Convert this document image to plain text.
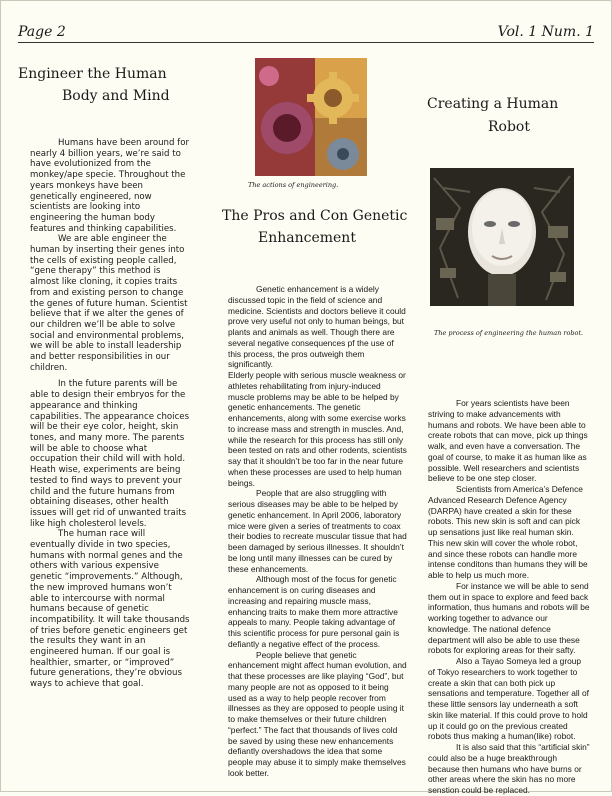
Page 2	Vol. 1 Num. 1
Engineer the Human
Body and Mind

Humans have been around for nearly 4 billion years, we’re said to have evolutionized from the monkey/ape specie. Throughout the years monkeys have been genetically engineered, now scientists are looking into engineering the human body features and thinking capabilities.

We are able engineer the human by inserting their genes into the cells of existing people called, “gene therapy” this method is almost like cloning, it copies traits from and existing person to change the genes of future human. Scientist believe that if we alter the genes of our children we’ll be able to solve social and environmental problems, we will be able to install leadership and better responsibilities in our children.

In the future parents will be able to design their embryos for the appearance and thinking capabilities. The appearance choices will be their eye color, height, skin tones, and many more. The parents will be able to choose what occupation their child will with hold. Heath wise, experiments are being tested to find ways to prevent your child and the future humans from obtaining diseases, other health issues will get rid of unwanted traits like high cholesterol levels.

The human race will eventually divide in two species, humans with normal genes and the others with various expensive genetic “improvements.” Although, the new improved humans won’t able to intercourse with normal humans because of genetic incompatibility. It will take thousands of tries before genetic engineers get the results they want in an engineered human. If our goal is healthier, smarter, or “improved” future generations, they’re obvious ways to achieve that goal.

The actions of engineering.
The Pros and Con Genetic
Enhancement

Genetic enhancement is a widely discussed topic in the field of science and medicine. Scientists and doctors believe it could prove very useful not only to human beings, but plants and animals as well. Though there are several negative consequences pf the use of this process, the pros outweigh them significantly.

Elderly people with serious muscle weakness or athletes rehabilitating from injury-induced muscle problems may be able to be helped by genetic enhancements. The genetic enhancements, along with some exercise works to increase mass and strength in muscles. And, while the research for this process has still only been tested on rats and other rodents, scientists say that it shouldn’t be too far in the near future when these processes are used to help human beings.

People that are also struggling with serious diseases may be able to be helped by genetic enhancement. In April 2006, laboratory mice were given a series of treatments to coax their bodies to recreate muscular tissue that had been damaged by serious illnesses. It shouldn’t be long until many illnesses can be cured by these enhancements.

Although most of the focus for genetic enhancement is on curing diseases and increasing and repairing muscle mass, enhancing traits to make them more attractive appeals to many. People taking advantage of this scientific process for pure personal gain is defiantly a negative effect of the process.

People believe that genetic enhancement might affect human evolution, and that these processes are like playing “God”, but many people are not as opposed to it being used as a way to help people recover from illnesses as they are opposed to people using it to make themselves or their future children “perfect.” The fact that thousands of lives cold be saved by using these new enhancements defiantly overshadows the idea that some people may abuse it to simply make themselves look better.

Creating a Human
Robot
The process of engineering the human robot.

For years scientists have been striving to make advancements with humans and robots. We have been able to create robots that can move, pick up things walk, and even have a conversation. The goal of course, to make it as human like as possible. Well researchers and scientists believe to be one step closer.

Scientists from America’s Defence Advanced Research Defence Agency (DARPA) have created a skin for these robots. This new skin is soft and can pick up sensations just like real human skin. This new skin will cover the whole robot, and since these robots can handle more intense conditons than humans they will be able to help us much more.

For instance we will be able to send them out in space to explore and feed back information, thus humans and robots will be working together to advance our knowledge. The national defence department will also be able to use these robots for exploring areas for their safty.

Also a Tayao Someya led a group of Tokyo researchers to work together to create a skin that can both pick up sensations and temperature. Together all of these little sensors lay underneath a soft skin like material. If this could prove to hold up it could go on the previous created robots thus making a human(like) robot.

It is also said that this “artificial skin” could also be a huge breakthrough because then humans who have burns or other areas where the skin has no more senstion could be replaced.
